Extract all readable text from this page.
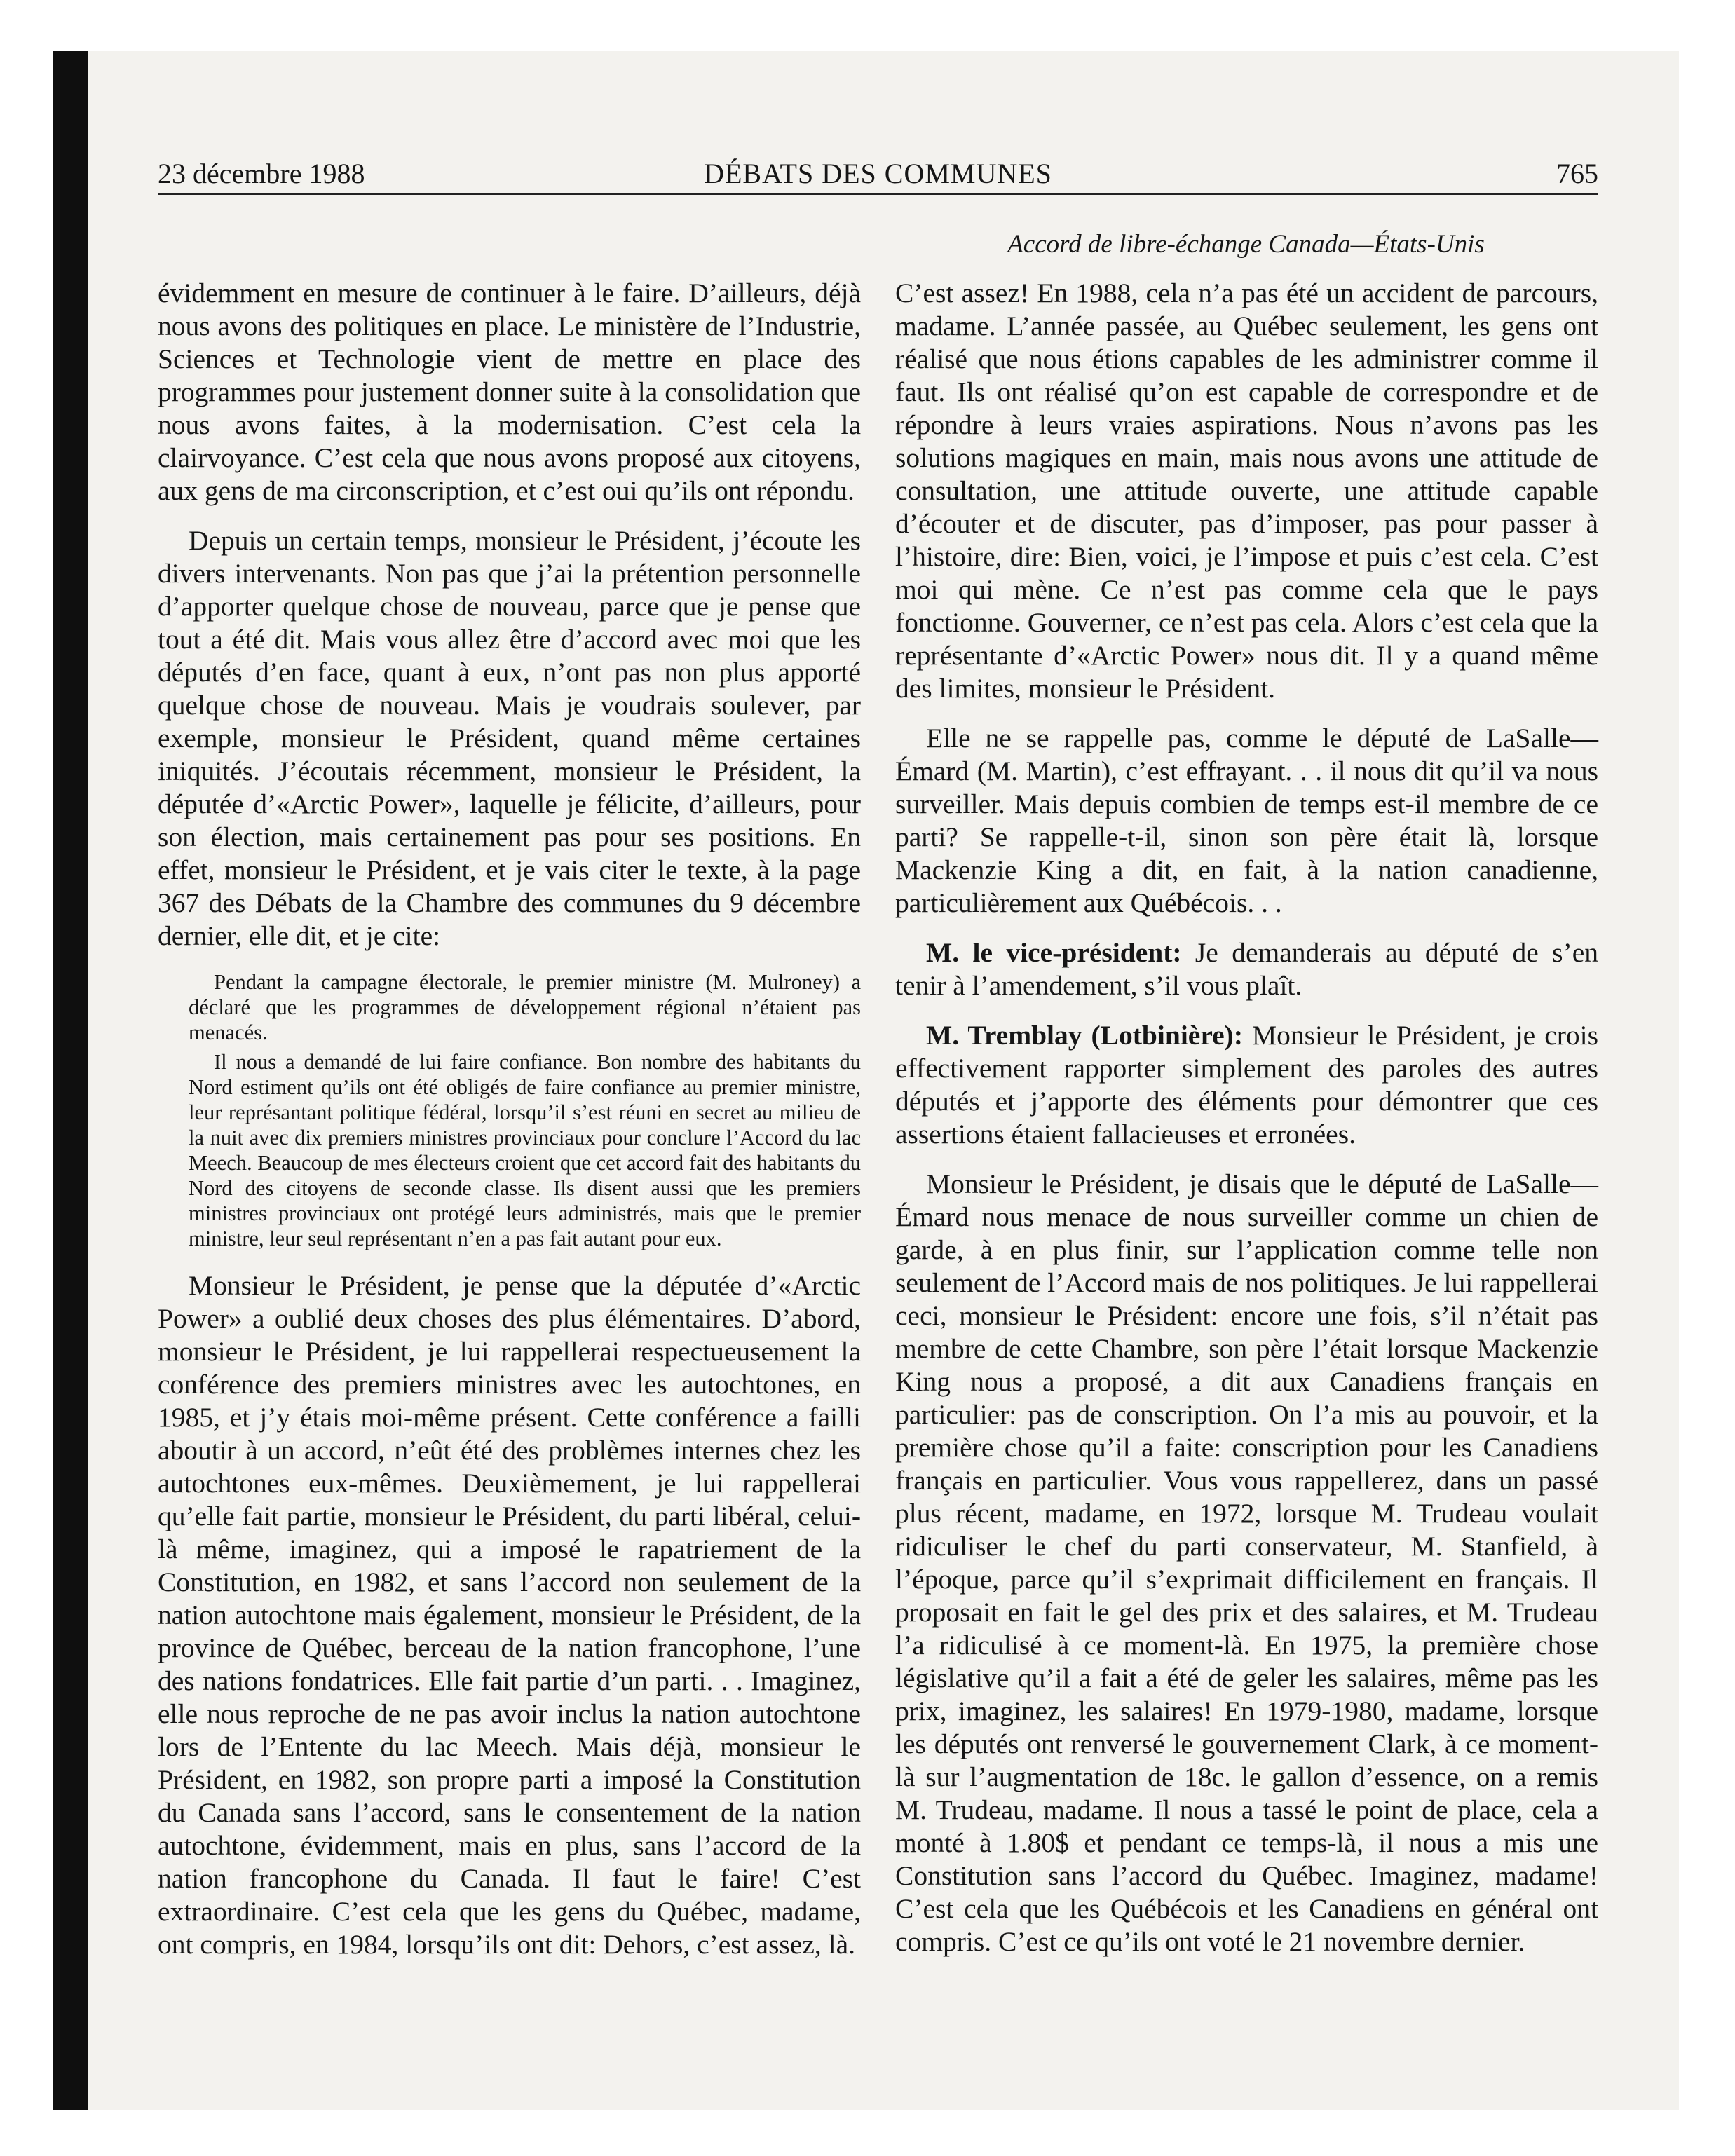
23 décembre 1988	DÉBATS DES COMMUNES	765
Accord de libre-échange Canada—États-Unis

évidemment en mesure de continuer à le faire. D’ailleurs, déjà nous avons des politiques en place. Le ministère de l’Industrie, Sciences et Technologie vient de mettre en place des programmes pour justement donner suite à la consolidation que nous avons faites, à la modernisation. C’est cela la clairvoyance. C’est cela que nous avons proposé aux citoyens, aux gens de ma circonscription, et c’est oui qu’ils ont répondu.

Depuis un certain temps, monsieur le Président, j’écoute les divers intervenants. Non pas que j’ai la prétention personnelle d’apporter quelque chose de nouveau, parce que je pense que tout a été dit. Mais vous allez être d’accord avec moi que les députés d’en face, quant à eux, n’ont pas non plus apporté quelque chose de nouveau. Mais je voudrais soulever, par exemple, monsieur le Président, quand même certaines iniquités. J’écoutais récemment, monsieur le Président, la députée d’«Arctic Power», laquelle je félicite, d’ailleurs, pour son élection, mais certainement pas pour ses positions. En effet, monsieur le Président, et je vais citer le texte, à la page 367 des Débats de la Chambre des communes du 9 décembre dernier, elle dit, et je cite:

Pendant la campagne électorale, le premier ministre (M. Mulroney) a déclaré que les programmes de développement régional n’étaient pas menacés.

Il nous a demandé de lui faire confiance. Bon nombre des habitants du Nord estiment qu’ils ont été obligés de faire confiance au premier ministre, leur représantant politique fédéral, lorsqu’il s’est réuni en secret au milieu de la nuit avec dix premiers ministres provinciaux pour conclure l’Accord du lac Meech. Beaucoup de mes électeurs croient que cet accord fait des habitants du Nord des citoyens de seconde classe. Ils disent aussi que les premiers ministres provinciaux ont protégé leurs administrés, mais que le premier ministre, leur seul représentant n’en a pas fait autant pour eux.

Monsieur le Président, je pense que la députée d’«Arctic Power» a oublié deux choses des plus élémentaires. D’abord, monsieur le Président, je lui rappellerai respectueusement la conférence des premiers ministres avec les autochtones, en 1985, et j’y étais moi-même présent. Cette conférence a failli aboutir à un accord, n’eût été des problèmes internes chez les autochtones eux-mêmes. Deuxièmement, je lui rappellerai qu’elle fait partie, monsieur le Président, du parti libéral, celui-là même, imaginez, qui a imposé le rapatriement de la Constitution, en 1982, et sans l’accord non seulement de la nation autochtone mais également, monsieur le Président, de la province de Québec, berceau de la nation francophone, l’une des nations fondatrices. Elle fait partie d’un parti. . . Imaginez, elle nous reproche de ne pas avoir inclus la nation autochtone lors de l’Entente du lac Meech. Mais déjà, monsieur le Président, en 1982, son propre parti a imposé la Constitution du Canada sans l’accord, sans le consentement de la nation autochtone, évidemment, mais en plus, sans l’accord de la nation francophone du Canada. Il faut le faire! C’est extraordinaire. C’est cela que les gens du Québec, madame, ont compris, en 1984, lorsqu’ils ont dit: Dehors, c’est assez, là.

C’est assez! En 1988, cela n’a pas été un accident de parcours, madame. L’année passée, au Québec seulement, les gens ont réalisé que nous étions capables de les administrer comme il faut. Ils ont réalisé qu’on est capable de correspondre et de répondre à leurs vraies aspirations. Nous n’avons pas les solutions magiques en main, mais nous avons une attitude de consultation, une attitude ouverte, une attitude capable d’écouter et de discuter, pas d’imposer, pas pour passer à l’histoire, dire: Bien, voici, je l’impose et puis c’est cela. C’est moi qui mène. Ce n’est pas comme cela que le pays fonctionne. Gouverner, ce n’est pas cela. Alors c’est cela que la représentante d’«Arctic Power» nous dit. Il y a quand même des limites, monsieur le Président.

Elle ne se rappelle pas, comme le député de LaSalle—Émard (M. Martin), c’est effrayant. . . il nous dit qu’il va nous surveiller. Mais depuis combien de temps est-il membre de ce parti? Se rappelle-t-il, sinon son père était là, lorsque Mackenzie King a dit, en fait, à la nation canadienne, particulièrement aux Québécois. . .

M. le vice-président: Je demanderais au député de s’en tenir à l’amendement, s’il vous plaît.

M. Tremblay (Lotbinière): Monsieur le Président, je crois effectivement rapporter simplement des paroles des autres députés et j’apporte des éléments pour démontrer que ces assertions étaient fallacieuses et erronées.

Monsieur le Président, je disais que le député de LaSalle—Émard nous menace de nous surveiller comme un chien de garde, à en plus finir, sur l’application comme telle non seulement de l’Accord mais de nos politiques. Je lui rappellerai ceci, monsieur le Président: encore une fois, s’il n’était pas membre de cette Chambre, son père l’était lorsque Mackenzie King nous a proposé, a dit aux Canadiens français en particulier: pas de conscription. On l’a mis au pouvoir, et la première chose qu’il a faite: conscription pour les Canadiens français en particulier. Vous vous rappellerez, dans un passé plus récent, madame, en 1972, lorsque M. Trudeau voulait ridiculiser le chef du parti conservateur, M. Stanfield, à l’époque, parce qu’il s’exprimait difficilement en français. Il proposait en fait le gel des prix et des salaires, et M. Trudeau l’a ridiculisé à ce moment-là. En 1975, la première chose législative qu’il a fait a été de geler les salaires, même pas les prix, imaginez, les salaires! En 1979-1980, madame, lorsque les députés ont renversé le gouvernement Clark, à ce moment-là sur l’augmentation de 18c. le gallon d’essence, on a remis M. Trudeau, madame. Il nous a tassé le point de place, cela a monté à 1.80$ et pendant ce temps-là, il nous a mis une Constitution sans l’accord du Québec. Imaginez, madame! C’est cela que les Québécois et les Canadiens en général ont compris. C’est ce qu’ils ont voté le 21 novembre dernier.
